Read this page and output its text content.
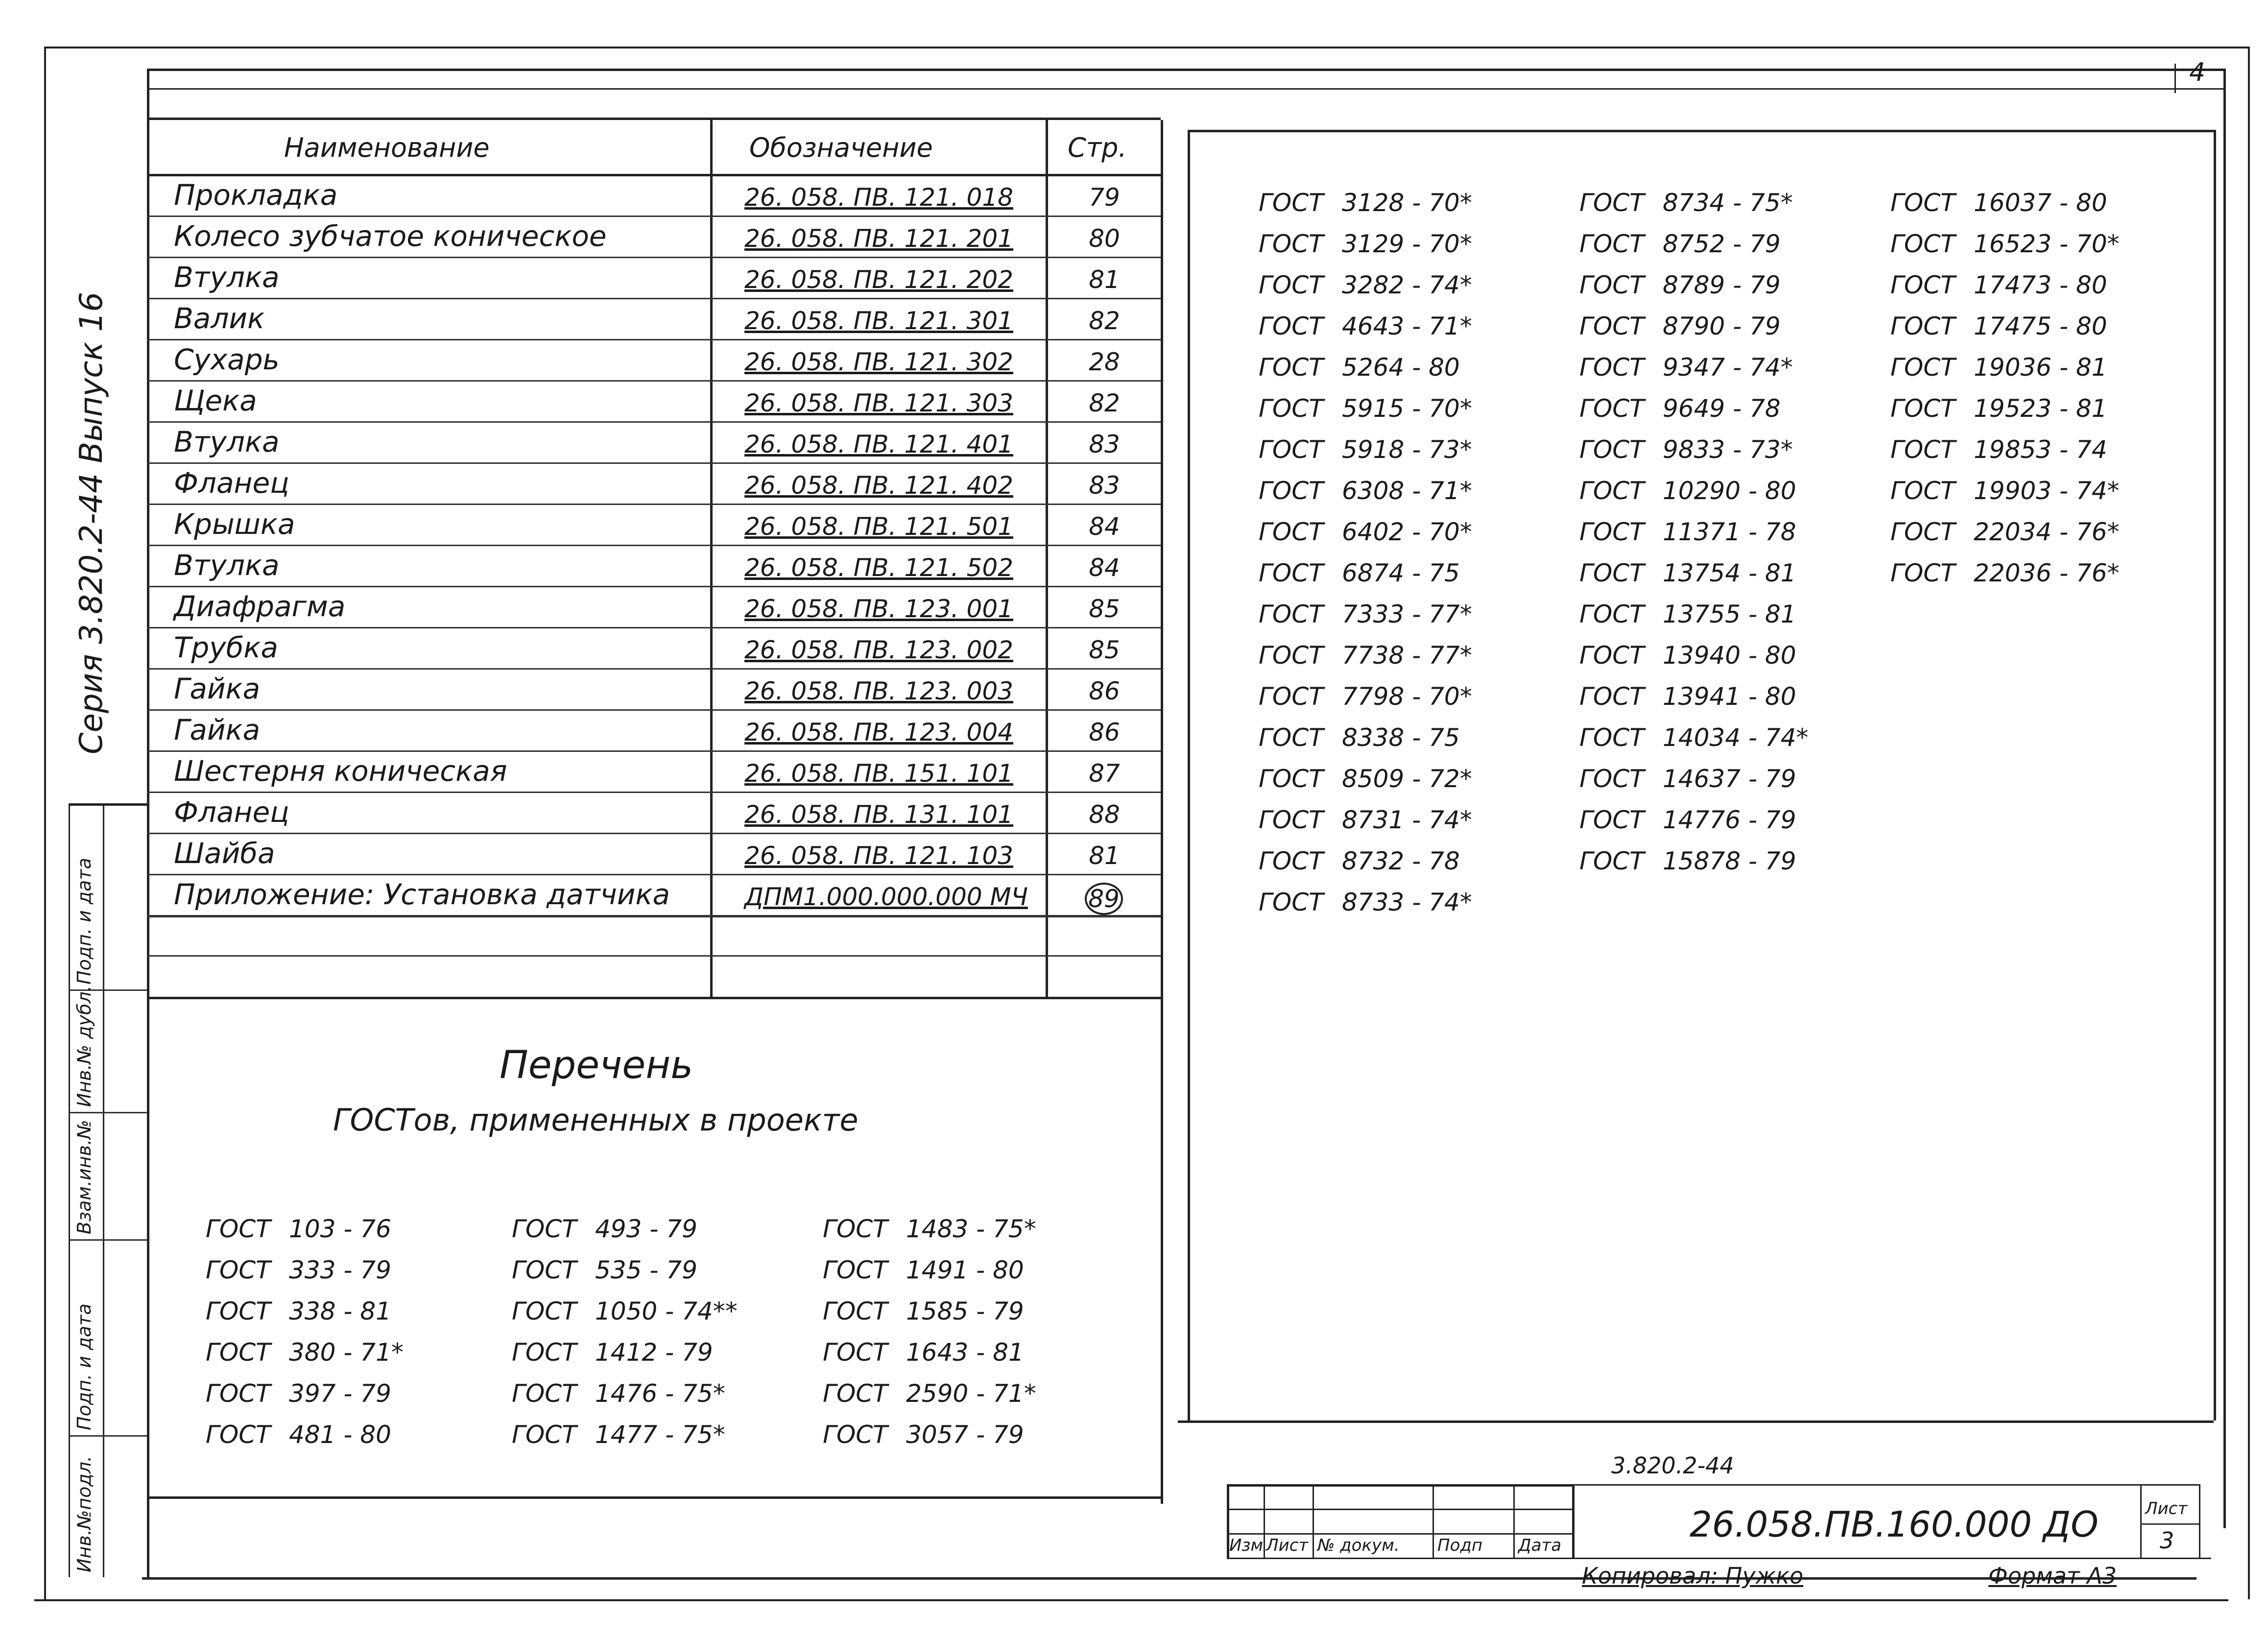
4
Серия 3.820.2-44 Выпуск 16
Инв.№подл.
Подп. и дата
Взам.инв.№
Инв.№ дубл.
Подп. и дата
Наименование	Обозначение	Стр.
Прокладка	26. 058. ПВ. 121. 018	79
Колесо зубчатое коническое	26. 058. ПВ. 121. 201	80
Втулка	26. 058. ПВ. 121. 202	81
Валик	26. 058. ПВ. 121. 301	82
Сухарь	26. 058. ПВ. 121. 302	28
Щека	26. 058. ПВ. 121. 303	82
Втулка	26. 058. ПВ. 121. 401	83
Фланец	26. 058. ПВ. 121. 402	83
Крышка	26. 058. ПВ. 121. 501	84
Втулка	26. 058. ПВ. 121. 502	84
Диафрагма	26. 058. ПВ. 123. 001	85
Трубка	26. 058. ПВ. 123. 002	85
Гайка	26. 058. ПВ. 123. 003	86
Гайка	26. 058. ПВ. 123. 004	86
Шестерня коническая	26. 058. ПВ. 151. 101	87
Фланец	26. 058. ПВ. 131. 101	88
Шайба	26. 058. ПВ. 121. 103	81
Приложение: Установка датчика	ДПМ1.000.000.000 МЧ 89
Перечень
ГОСТов, примененных в проекте
ГОСТ 103 - 76
ГОСТ 333 - 79
ГОСТ 338 - 81
ГОСТ 380 - 71*
ГОСТ 397 - 79
ГОСТ 481 - 80
ГОСТ 493 - 79
ГОСТ 535 - 79
ГОСТ 1050 - 74**
ГОСТ 1412 - 79
ГОСТ 1476 - 75*
ГОСТ 1477 - 75*
ГОСТ 1483 - 75*
ГОСТ 1491 - 80
ГОСТ 1585 - 79
ГОСТ 1643 - 81
ГОСТ 2590 - 71*
ГОСТ 3057 - 79
ГОСТ 3128 - 70*
ГОСТ 3129 - 70*
ГОСТ 3282 - 74*
ГОСТ 4643 - 71*
ГОСТ 5264 - 80
ГОСТ 5915 - 70*
ГОСТ 5918 - 73*
ГОСТ 6308 - 71*
ГОСТ 6402 - 70*
ГОСТ 6874 - 75
ГОСТ 7333 - 77*
ГОСТ 7738 - 77*
ГОСТ 7798 - 70*
ГОСТ 8338 - 75
ГОСТ 8509 - 72*
ГОСТ 8731 - 74*
ГОСТ 8732 - 78
ГОСТ 8733 - 74*
ГОСТ 8734 - 75*
ГОСТ 8752 - 79
ГОСТ 8789 - 79
ГОСТ 8790 - 79
ГОСТ 9347 - 74*
ГОСТ 9649 - 78
ГОСТ 9833 - 73*
ГОСТ 10290 - 80
ГОСТ 11371 - 78
ГОСТ 13754 - 81
ГОСТ 13755 - 81
ГОСТ 13940 - 80
ГОСТ 13941 - 80
ГОСТ 14034 - 74*
ГОСТ 14637 - 79
ГОСТ 14776 - 79
ГОСТ 15878 - 79
ГОСТ 16037 - 80
ГОСТ 16523 - 70*
ГОСТ 17473 - 80
ГОСТ 17475 - 80
ГОСТ 19036 - 81
ГОСТ 19523 - 81
ГОСТ 19853 - 74
ГОСТ 19903 - 74*
ГОСТ 22034 - 76*
ГОСТ 22036 - 76*
3.820.2-44
Изм Лист № докум. Подп Дата
26.058.ПВ.160.000 ДО	Лист
3
Копировал: Пужко	Формат А3
